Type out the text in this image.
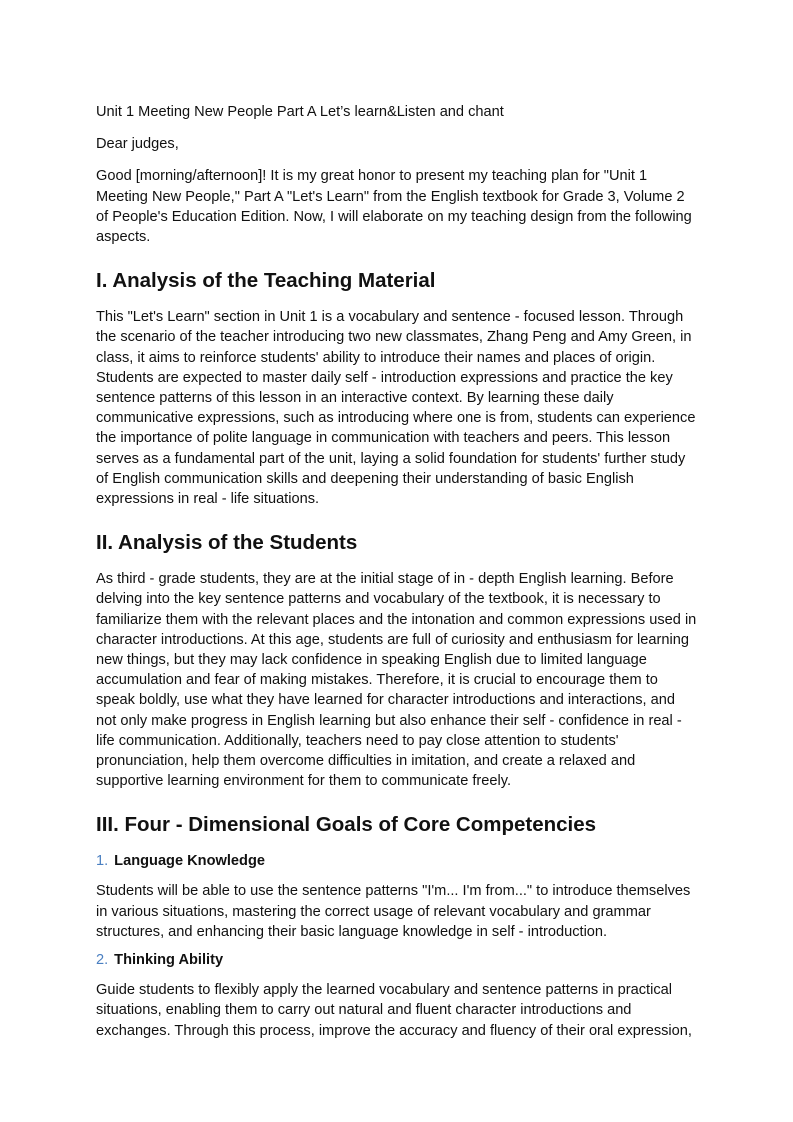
Unit 1 Meeting New People Part A Let’s learn&Listen and chant

Dear judges,

Good [morning/afternoon]! It is my great honor to present my teaching plan for "Unit 1 Meeting New People," Part A "Let's Learn" from the English textbook for Grade 3, Volume 2 of People's Education Edition. Now, I will elaborate on my teaching design from the following aspects.

I. Analysis of the Teaching Material

This "Let's Learn" section in Unit 1 is a vocabulary and sentence - focused lesson. Through the scenario of the teacher introducing two new classmates, Zhang Peng and Amy Green, in class, it aims to reinforce students' ability to introduce their names and places of origin. Students are expected to master daily self - introduction expressions and practice the key sentence patterns of this lesson in an interactive context. By learning these daily communicative expressions, such as introducing where one is from, students can experience the importance of polite language in communication with teachers and peers. This lesson serves as a fundamental part of the unit, laying a solid foundation for students' further study of English communication skills and deepening their understanding of basic English expressions in real - life situations.

II. Analysis of the Students

As third - grade students, they are at the initial stage of in - depth English learning. Before delving into the key sentence patterns and vocabulary of the textbook, it is necessary to familiarize them with the relevant places and the intonation and common expressions used in character introductions. At this age, students are full of curiosity and enthusiasm for learning new things, but they may lack confidence in speaking English due to limited language accumulation and fear of making mistakes. Therefore, it is crucial to encourage them to speak boldly, use what they have learned for character introductions and interactions, and not only make progress in English learning but also enhance their self - confidence in real - life communication. Additionally, teachers need to pay close attention to students' pronunciation, help them overcome difficulties in imitation, and create a relaxed and supportive learning environment for them to communicate freely.

III. Four - Dimensional Goals of Core Competencies
1. Language Knowledge

Students will be able to use the sentence patterns "I'm... I'm from..." to introduce themselves in various situations, mastering the correct usage of relevant vocabulary and grammar structures, and enhancing their basic language knowledge in self - introduction.

2. Thinking Ability

Guide students to flexibly apply the learned vocabulary and sentence patterns in practical situations, enabling them to carry out natural and fluent character introductions and exchanges. Through this process, improve the accuracy and fluency of their oral expression,
